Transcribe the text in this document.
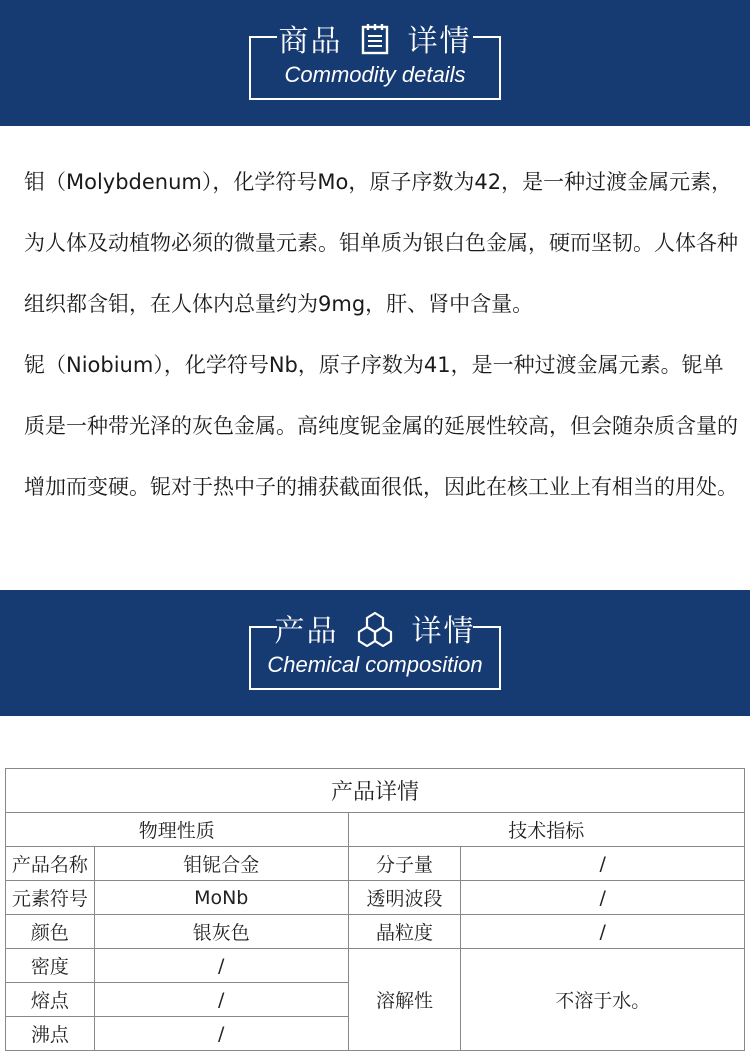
商品 详情
Commodity details

钼（Molybdenum），化学符号Mo，原子序数为42，是一种过渡金属元素，为人体及动植物必须的微量元素。钼单质为银白色金属，硬而坚韧。人体各种组织都含钼，在人体内总量约为9mg，肝、肾中含量。

铌（Niobium），化学符号Nb，原子序数为41，是一种过渡金属元素。铌单质是一种带光泽的灰色金属。高纯度铌金属的延展性较高，但会随杂质含量的增加而变硬。铌对于热中子的捕获截面很低，因此在核工业上有相当的用处。

产品 详情
Chemical composition
产品详情			
物理性质		技术指标	
产品名称	钼铌合金	分子量	/
元素符号	MoNb	透明波段	/
颜色	银灰色	晶粒度	/
密度	/	溶解性	不溶于水。
熔点	/		
沸点	/		
